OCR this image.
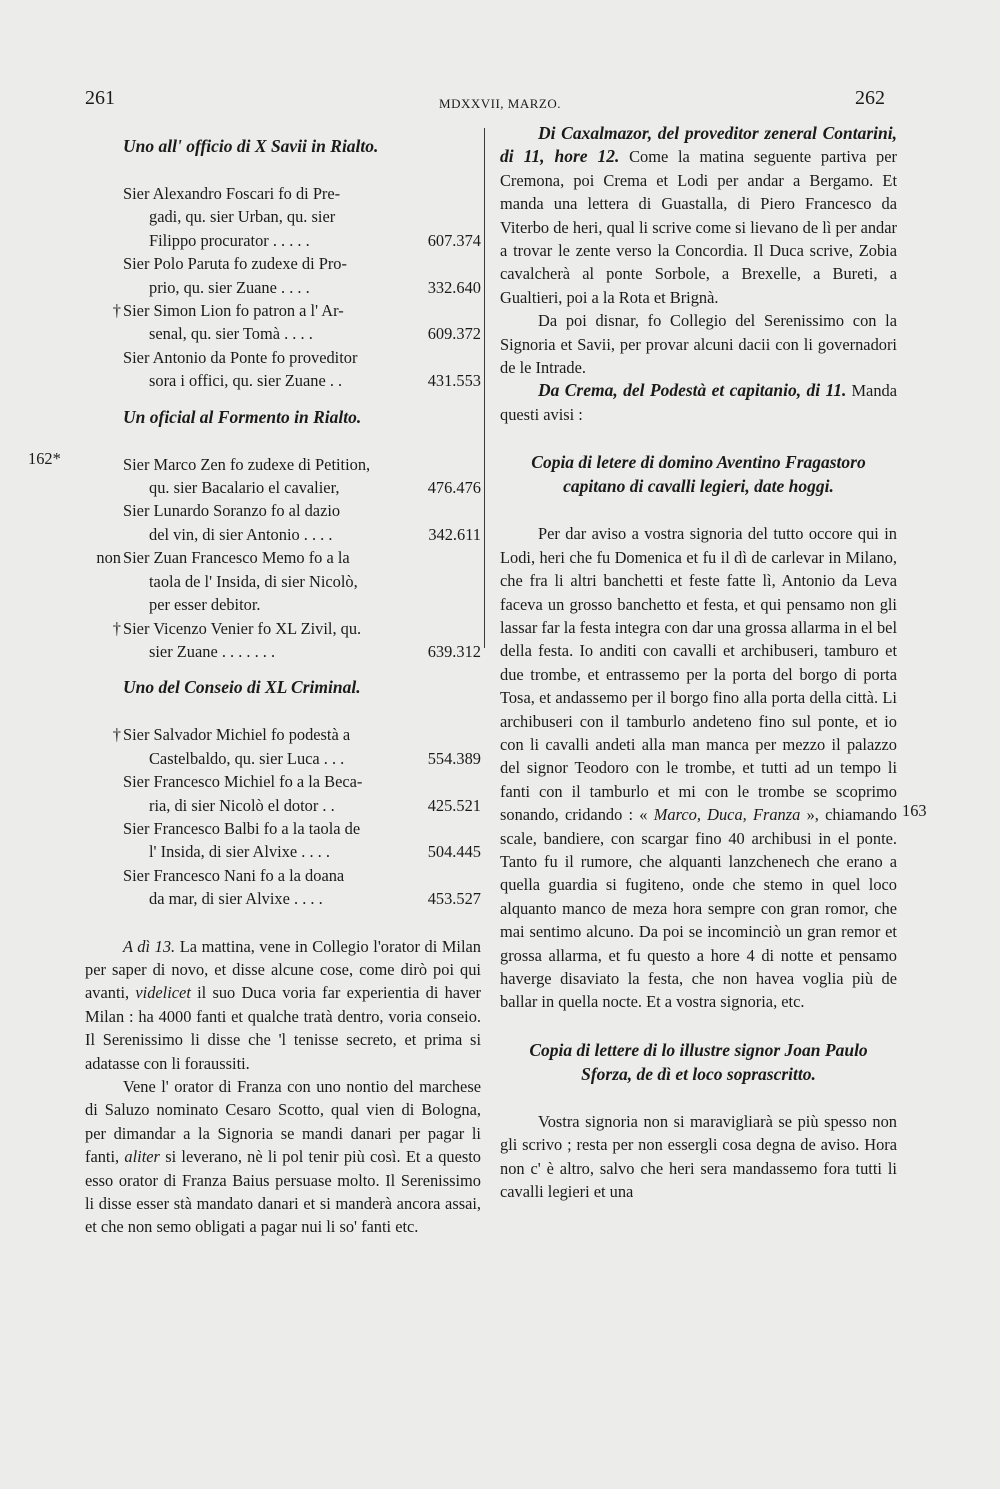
261	MDXXVII, MARZO.	262
162*
163
Uno all' officio di X Savii in Rialto.
Sier Alexandro Foscari fo di Pre-
gadi, qu. sier Urban, qu. sier
607.374
Filippo procurator . . . . .
Sier Polo Paruta fo zudexe di Pro-
332.640
prio, qu. sier Zuane . . . .
† Sier Simon Lion fo patron a l' Ar-
609.372
senal, qu. sier Tomà . . . .
Sier Antonio da Ponte fo proveditor
431.553
sora i offici, qu. sier Zuane . .
Un oficial al Formento in Rialto.
Sier Marco Zen fo zudexe di Petition,
476.476
qu. sier Bacalario el cavalier,
Sier Lunardo Soranzo fo al dazio
342.611
del vin, di sier Antonio . . . .
non Sier Zuan Francesco Memo fo a la
taola de l' Insida, di sier Nicolò,
per esser debitor.
† Sier Vicenzo Venier fo XL Zivil, qu.
639.312
sier Zuane . . . . . . .
Uno del Conseio di XL Criminal.
† Sier Salvador Michiel fo podestà a
554.389
Castelbaldo, qu. sier Luca . . .
Sier Francesco Michiel fo a la Beca-
425.521
ria, di sier Nicolò el dotor . .
Sier Francesco Balbi fo a la taola de
504.445
l' Insida, di sier Alvixe . . . .
Sier Francesco Nani fo a la doana
453.527
da mar, di sier Alvixe . . . .

A dì 13. La mattina, vene in Collegio l'orator di Milan per saper di novo, et disse alcune cose, come dirò poi qui avanti, videlicet il suo Duca voria far experientia di haver Milan : ha 4000 fanti et qualche tratà dentro, voria conseio. Il Serenissimo li disse che 'l tenisse secreto, et prima si adatasse con li foraussiti.

Vene l' orator di Franza con uno nontio del marchese di Saluzo nominato Cesaro Scotto, qual vien di Bologna, per dimandar a la Signoria se mandi danari per pagar li fanti, aliter si leverano, nè li pol tenir più così. Et a questo esso orator di Franza Baius persuase molto. Il Serenissimo li disse esser stà mandato danari et si manderà ancora assai, et che non semo obligati a pagar nui li so' fanti etc.

Di Caxalmazor, del proveditor zeneral Contarini, di 11, hore 12. Come la matina seguente partiva per Cremona, poi Crema et Lodi per andar a Bergamo. Et manda una lettera di Guastalla, di Piero Francesco da Viterbo de heri, qual li scrive come si lievano de lì per andar a trovar le zente verso la Concordia. Il Duca scrive, Zobia cavalcherà al ponte Sorbole, a Brexelle, a Bureti, a Gualtieri, poi a la Rota et Brignà.

Da poi disnar, fo Collegio del Serenissimo con la Signoria et Savii, per provar alcuni dacii con li governadori de le Intrade.

Da Crema, del Podestà et capitanio, di 11. Manda questi avisi :

Copia di letere di domino Aventino Fragastoro capitano di cavalli legieri, date hoggi.

Per dar aviso a vostra signoria del tutto occore qui in Lodi, heri che fu Domenica et fu il dì de carlevar in Milano, che fra li altri banchetti et feste fatte lì, Antonio da Leva faceva un grosso banchetto et festa, et qui pensamo non gli lassar far la festa integra con dar una grossa allarma in el bel della festa. Io anditi con cavalli et archibuseri, tamburo et due trombe, et entrassemo per la porta del borgo di porta Tosa, et andassemo per il borgo fino alla porta della città. Li archibuseri con il tamburlo andeteno fino sul ponte, et io con li cavalli andeti alla man manca per mezzo il palazzo del signor Teodoro con le trombe, et tutti ad un tempo li fanti con il tamburlo et mi con le trombe se scoprimo sonando, cridando : « Marco, Duca, Franza », chiamando scale, bandiere, con scargar fino 40 archibusi in el ponte. Tanto fu il rumore, che alquanti lanzchenech che erano a quella guardia si fugiteno, onde che stemo in quel loco alquanto manco de meza hora sempre con gran romor, che mai sentimo alcuno. Da poi se incominciò un gran remor et grossa allarma, et fu questo a hore 4 di notte et pensamo haverge disaviato la festa, che non havea voglia più de ballar in quella nocte. Et a vostra signoria, etc.

Copia di lettere di lo illustre signor Joan Paulo Sforza, de dì et loco soprascritto.

Vostra signoria non si maravigliarà se più spesso non gli scrivo ; resta per non essergli cosa degna de aviso. Hora non c' è altro, salvo che heri sera mandassemo fora tutti li cavalli legieri et una
